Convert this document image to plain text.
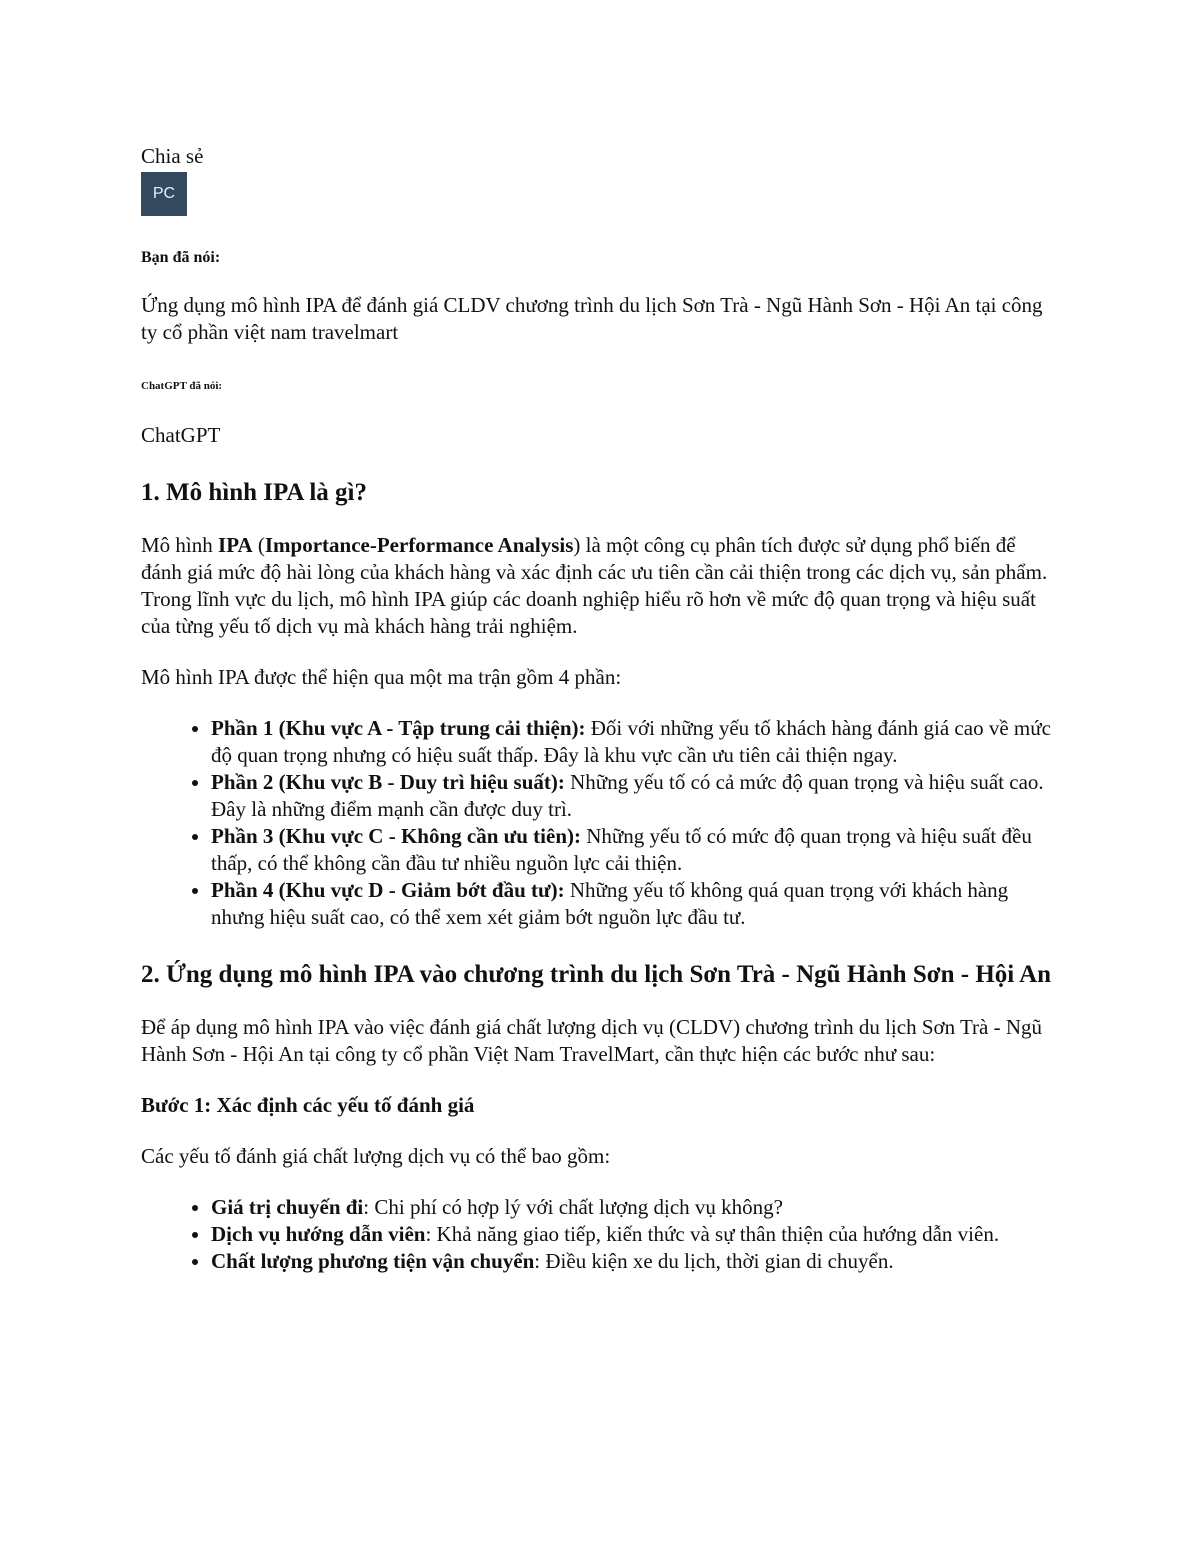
Chia sẻ

PC

Bạn đã nói:

Ứng dụng mô hình IPA để đánh giá CLDV chương trình du lịch Sơn Trà - Ngũ Hành Sơn - Hội An tại công ty cổ phần việt nam travelmart

ChatGPT đã nói:

ChatGPT

1. Mô hình IPA là gì?

Mô hình IPA (Importance-Performance Analysis) là một công cụ phân tích được sử dụng phổ biến để đánh giá mức độ hài lòng của khách hàng và xác định các ưu tiên cần cải thiện trong các dịch vụ, sản phẩm. Trong lĩnh vực du lịch, mô hình IPA giúp các doanh nghiệp hiểu rõ hơn về mức độ quan trọng và hiệu suất của từng yếu tố dịch vụ mà khách hàng trải nghiệm.

Mô hình IPA được thể hiện qua một ma trận gồm 4 phần:

• Phần 1 (Khu vực A - Tập trung cải thiện): Đối với những yếu tố khách hàng đánh giá cao về mức độ quan trọng nhưng có hiệu suất thấp. Đây là khu vực cần ưu tiên cải thiện ngay.
• Phần 2 (Khu vực B - Duy trì hiệu suất): Những yếu tố có cả mức độ quan trọng và hiệu suất cao. Đây là những điểm mạnh cần được duy trì.
• Phần 3 (Khu vực C - Không cần ưu tiên): Những yếu tố có mức độ quan trọng và hiệu suất đều thấp, có thể không cần đầu tư nhiều nguồn lực cải thiện.
• Phần 4 (Khu vực D - Giảm bớt đầu tư): Những yếu tố không quá quan trọng với khách hàng nhưng hiệu suất cao, có thể xem xét giảm bớt nguồn lực đầu tư.
2. Ứng dụng mô hình IPA vào chương trình du lịch Sơn Trà - Ngũ Hành Sơn - Hội An

Để áp dụng mô hình IPA vào việc đánh giá chất lượng dịch vụ (CLDV) chương trình du lịch Sơn Trà - Ngũ Hành Sơn - Hội An tại công ty cổ phần Việt Nam TravelMart, cần thực hiện các bước như sau:

Bước 1: Xác định các yếu tố đánh giá

Các yếu tố đánh giá chất lượng dịch vụ có thể bao gồm:

• Giá trị chuyến đi: Chi phí có hợp lý với chất lượng dịch vụ không?
• Dịch vụ hướng dẫn viên: Khả năng giao tiếp, kiến thức và sự thân thiện của hướng dẫn viên.
• Chất lượng phương tiện vận chuyển: Điều kiện xe du lịch, thời gian di chuyển.
